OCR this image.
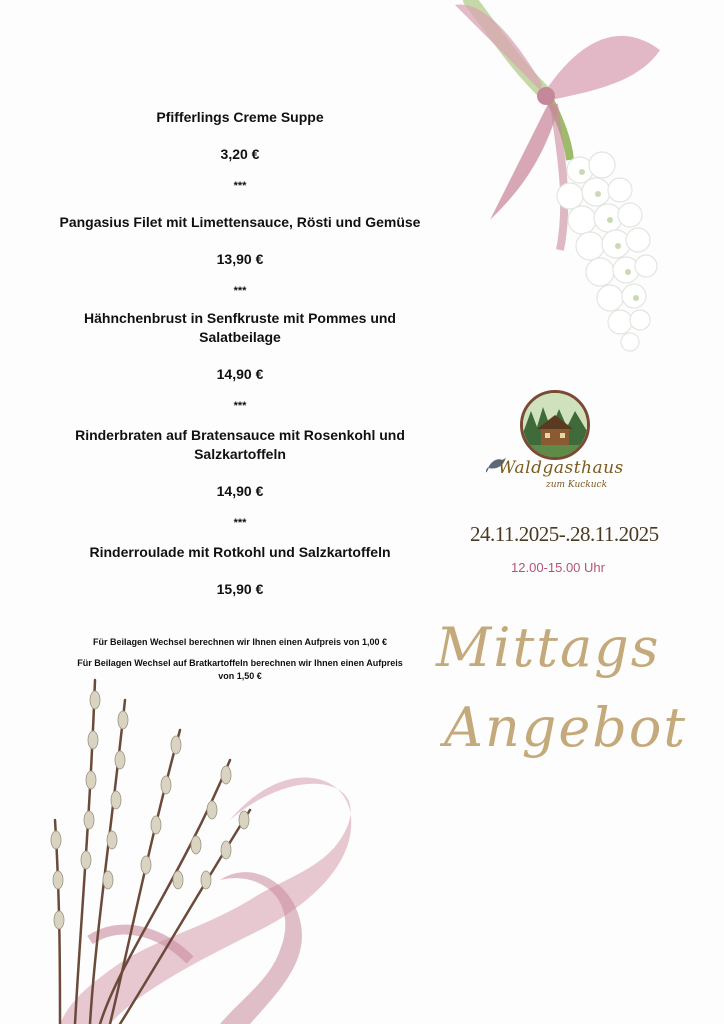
Pfifferlings Creme Suppe

3,20 €

***

Pangasius Filet mit Limettensauce, Rösti und Gemüse

13,90 €

***

Hähnchenbrust in Senfkruste mit Pommes und Salatbeilage

14,90 €

***

Rinderbraten auf Bratensauce mit Rosenkohl und Salzkartoffeln

14,90 €

***

Rinderroulade mit Rotkohl und Salzkartoffeln

15,90 €

Für Beilagen Wechsel berechnen wir Ihnen einen Aufpreis von 1,00 €

Für Beilagen Wechsel auf Bratkartoffeln berechnen wir Ihnen einen Aufpreis von 1,50 €

Waldgasthaus
zum Kuckuck
24.11.2025-.28.11.2025
12.00-15.00 Uhr
Mittags
Angebot
